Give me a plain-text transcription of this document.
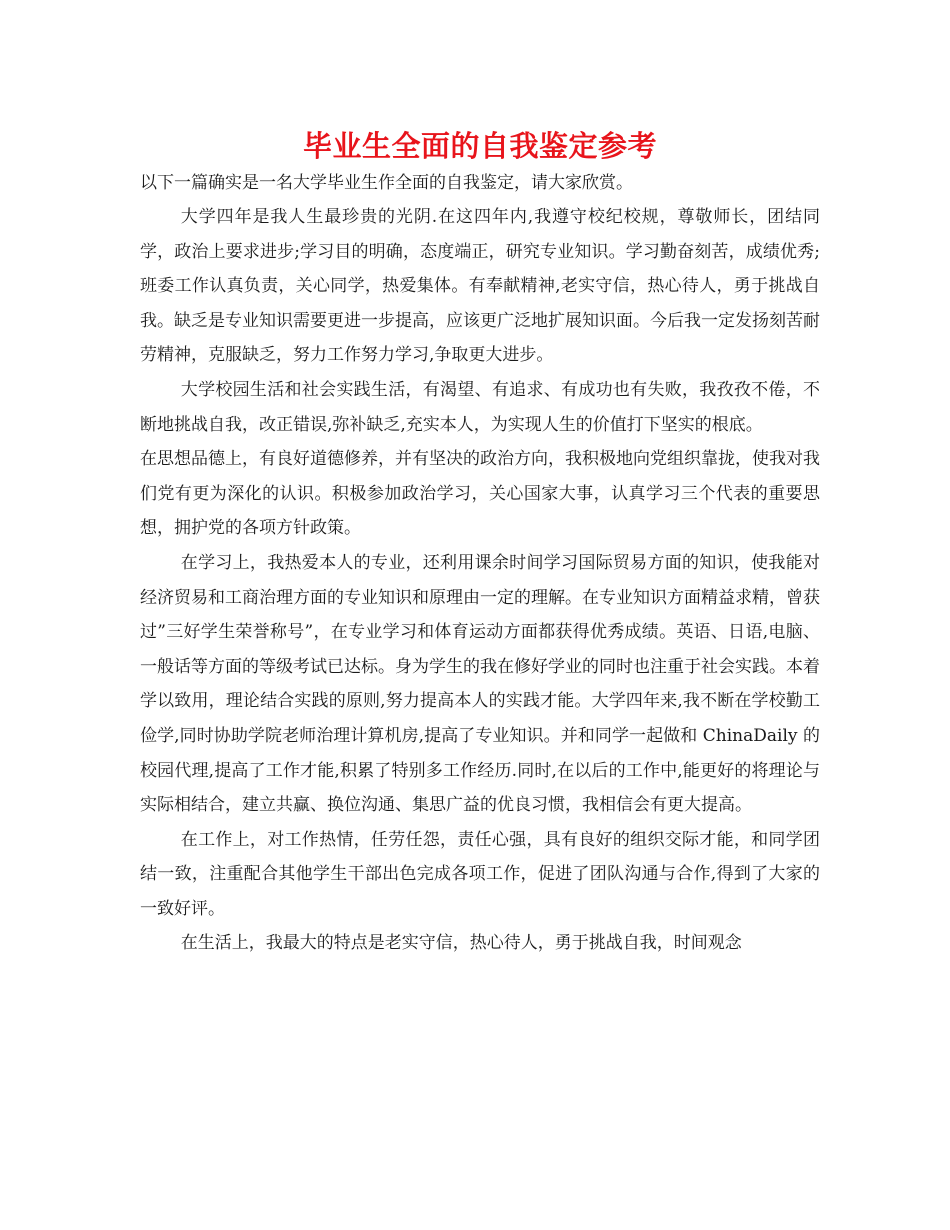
毕业生全面的自我鉴定参考

以下一篇确实是一名大学毕业生作全面的自我鉴定，请大家欣赏。

大学四年是我人生最珍贵的光阴.在这四年内,我遵守校纪校规，尊敬师长，团结同学，政治上要求进步;学习目的明确，态度端正，研究专业知识。学习勤奋刻苦，成绩优秀;班委工作认真负责，关心同学，热爱集体。有奉献精神,老实守信，热心待人，勇于挑战自我。缺乏是专业知识需要更进一步提高，应该更广泛地扩展知识面。今后我一定发扬刻苦耐劳精神，克服缺乏，努力工作努力学习,争取更大进步。

大学校园生活和社会实践生活，有渴望、有追求、有成功也有失败，我孜孜不倦，不断地挑战自我，改正错误,弥补缺乏,充实本人，为实现人生的价值打下坚实的根底。

在思想品德上，有良好道德修养，并有坚决的政治方向，我积极地向党组织靠拢，使我对我们党有更为深化的认识。积极参加政治学习，关心国家大事，认真学习三个代表的重要思想，拥护党的各项方针政策。

在学习上，我热爱本人的专业，还利用课余时间学习国际贸易方面的知识，使我能对经济贸易和工商治理方面的专业知识和原理由一定的理解。在专业知识方面精益求精，曾获过”三好学生荣誉称号”，在专业学习和体育运动方面都获得优秀成绩。英语、日语,电脑、一般话等方面的等级考试已达标。身为学生的我在修好学业的同时也注重于社会实践。本着学以致用，理论结合实践的原则,努力提高本人的实践才能。大学四年来,我不断在学校勤工俭学,同时协助学院老师治理计算机房,提高了专业知识。并和同学一起做和 ChinaDaily 的校园代理,提高了工作才能,积累了特别多工作经历.同时,在以后的工作中,能更好的将理论与实际相结合，建立共赢、换位沟通、集思广益的优良习惯，我相信会有更大提高。

在工作上，对工作热情，任劳任怨，责任心强，具有良好的组织交际才能，和同学团结一致，注重配合其他学生干部出色完成各项工作，促进了团队沟通与合作,得到了大家的一致好评。

在生活上，我最大的特点是老实守信，热心待人，勇于挑战自我，时间观念
